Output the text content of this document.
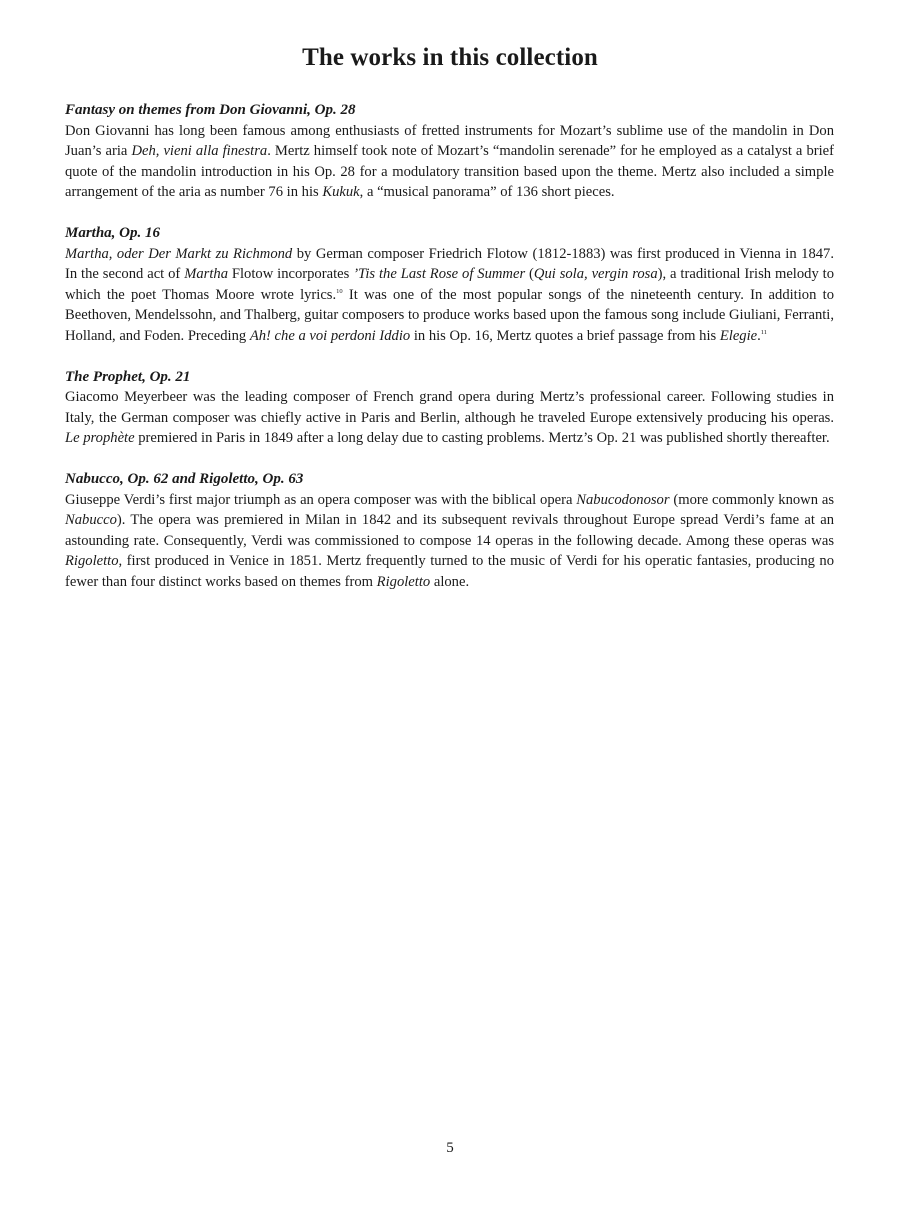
The works in this collection

Fantasy on themes from Don Giovanni, Op. 28

Don Giovanni has long been famous among enthusiasts of fretted instruments for Mozart’s sublime use of the mandolin in Don Juan’s aria Deh, vieni alla finestra. Mertz himself took note of Mozart’s “mandolin serenade” for he employed as a catalyst a brief quote of the mandolin introduction in his Op. 28 for a modulatory transition based upon the theme. Mertz also included a simple arrangement of the aria as number 76 in his Kukuk, a “musical panorama” of 136 short pieces.

Martha, Op. 16

Martha, oder Der Markt zu Richmond by German composer Friedrich Flotow (1812-1883) was first produced in Vienna in 1847. In the second act of Martha Flotow incorporates ’Tis the Last Rose of Summer (Qui sola, vergin rosa), a traditional Irish melody to which the poet Thomas Moore wrote lyrics.$^{10}$ It was one of the most popular songs of the nineteenth century. In addition to Beethoven, Mendelssohn, and Thalberg, guitar composers to produce works based upon the famous song include Giuliani, Ferranti, Holland, and Foden. Preceding Ah! che a voi perdoni Iddio in his Op. 16, Mertz quotes a brief passage from his Elegie.$^{11}$

The Prophet, Op. 21

Giacomo Meyerbeer was the leading composer of French grand opera during Mertz’s professional career. Following studies in Italy, the German composer was chiefly active in Paris and Berlin, although he traveled Europe extensively producing his operas. Le prophète premiered in Paris in 1849 after a long delay due to casting problems. Mertz’s Op. 21 was published shortly thereafter.

Nabucco, Op. 62 and Rigoletto, Op. 63

Giuseppe Verdi’s first major triumph as an opera composer was with the biblical opera Nabucodonosor (more commonly known as Nabucco). The opera was premiered in Milan in 1842 and its subsequent revivals throughout Europe spread Verdi’s fame at an astounding rate. Consequently, Verdi was commissioned to compose 14 operas in the following decade. Among these operas was Rigoletto, first produced in Venice in 1851. Mertz frequently turned to the music of Verdi for his operatic fantasies, producing no fewer than four distinct works based on themes from Rigoletto alone.

5
